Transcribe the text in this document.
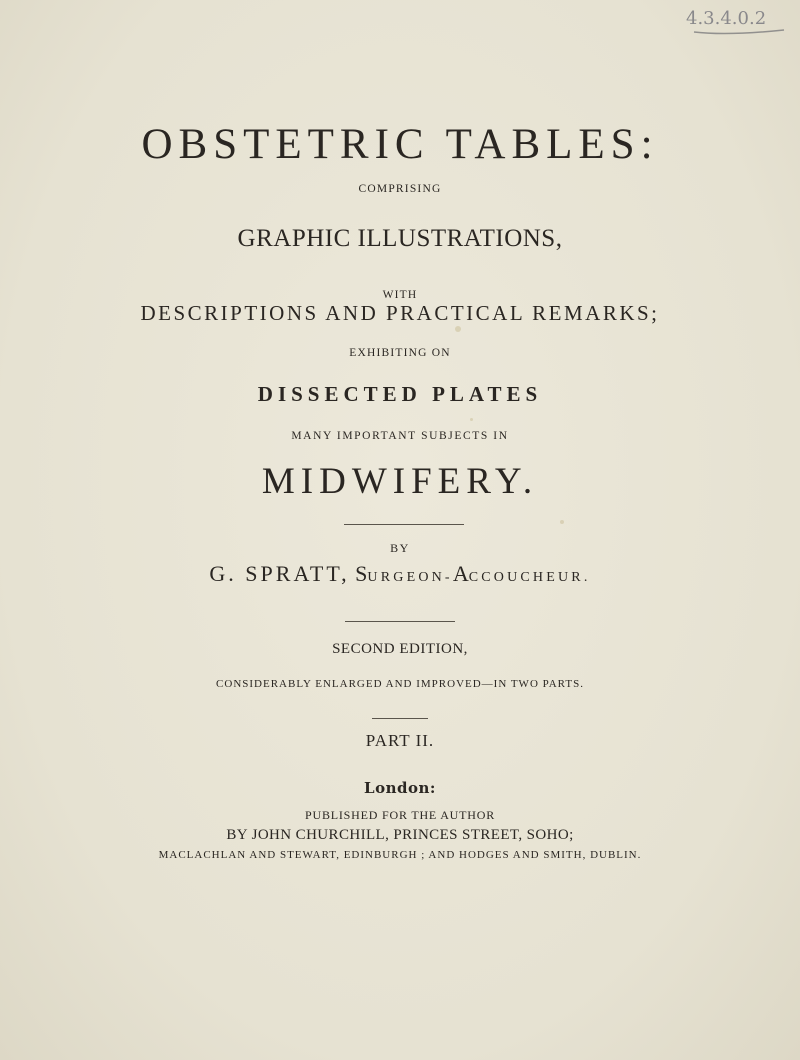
4.3.4.0.2
OBSTETRIC TABLES:
COMPRISING
GRAPHIC ILLUSTRATIONS,
WITH
DESCRIPTIONS AND PRACTICAL REMARKS;
EXHIBITING ON
DISSECTED PLATES
MANY IMPORTANT SUBJECTS IN
MIDWIFERY.
BY
G. SPRATT, SURGEON-ACCOUCHEUR.
SECOND EDITION,
CONSIDERABLY ENLARGED AND IMPROVED—IN TWO PARTS.
PART II.
London:
PUBLISHED FOR THE AUTHOR
BY JOHN CHURCHILL, PRINCES STREET, SOHO;
MACLACHLAN AND STEWART, EDINBURGH ; AND HODGES AND SMITH, DUBLIN.
